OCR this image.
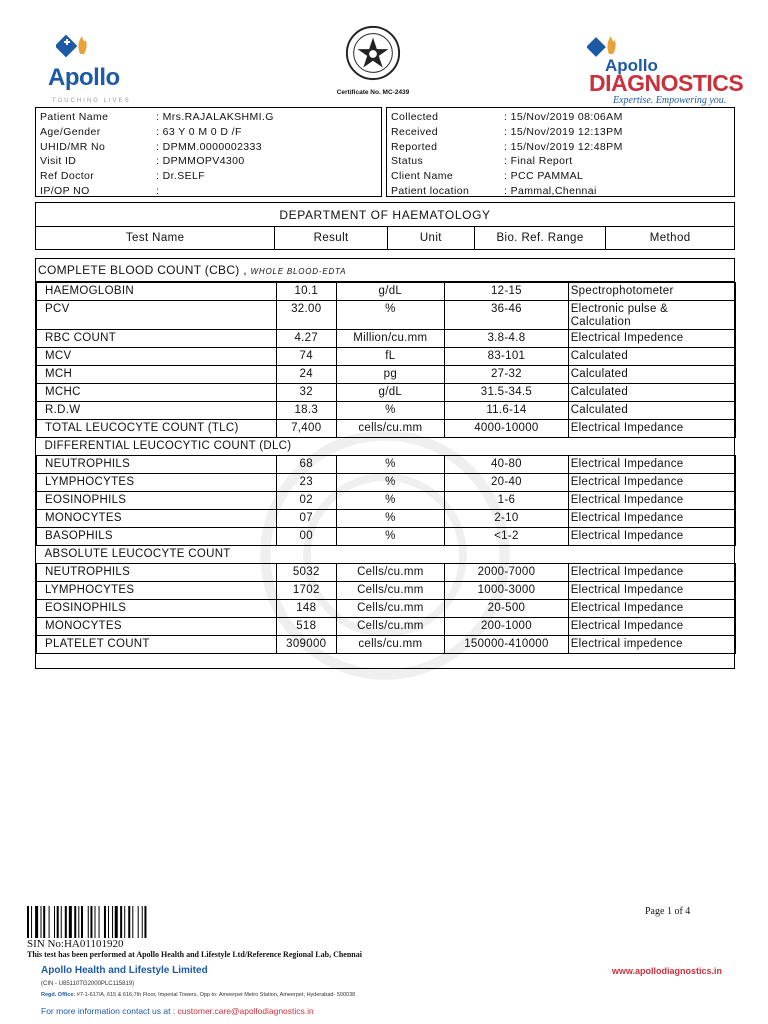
Apollo
TOUCHING LIVES
Certificate No. MC-2439
Apollo
DIAGNOSTICS
Expertise. Empowering you.
Patient Name	: Mrs.RAJALAKSHMI.G
Age/Gender	: 63 Y 0 M 0 D /F
UHID/MR No	: DPMM.0000002333
Visit ID	: DPMMOPV4300
Ref Doctor	: Dr.SELF
IP/OP NO	:
Collected	: 15/Nov/2019 08:06AM
Received	: 15/Nov/2019 12:13PM
Reported	: 15/Nov/2019 12:48PM
Status	: Final Report
Client Name	: PCC PAMMAL
Patient location	: Pammal,Chennai
DEPARTMENT OF HAEMATOLOGY
Test Name	Result	Unit	Bio. Ref. Range	Method
COMPLETE BLOOD COUNT (CBC) , WHOLE BLOOD-EDTA
HAEMOGLOBIN	10.1	g/dL	12-15	Spectrophotometer
PCV	32.00	%	36-46	Electronic pulse &
Calculation
RBC COUNT	4.27	Million/cu.mm	3.8-4.8	Electrical Impedence
MCV	74	fL	83-101	Calculated
MCH	24	pg	27-32	Calculated
MCHC	32	g/dL	31.5-34.5	Calculated
R.D.W	18.3	%	11.6-14	Calculated
TOTAL LEUCOCYTE COUNT (TLC)	7,400	cells/cu.mm	4000-10000	Electrical Impedance
DIFFERENTIAL LEUCOCYTIC COUNT (DLC)				
NEUTROPHILS	68	%	40-80	Electrical Impedance
LYMPHOCYTES	23	%	20-40	Electrical Impedance
EOSINOPHILS	02	%	1-6	Electrical Impedance
MONOCYTES	07	%	2-10	Electrical Impedance
BASOPHILS	00	%	<1-2	Electrical Impedance
ABSOLUTE LEUCOCYTE COUNT				
NEUTROPHILS	5032	Cells/cu.mm	2000-7000	Electrical Impedance
LYMPHOCYTES	1702	Cells/cu.mm	1000-3000	Electrical Impedance
EOSINOPHILS	148	Cells/cu.mm	20-500	Electrical Impedance
MONOCYTES	518	Cells/cu.mm	200-1000	Electrical Impedance
PLATELET COUNT	309000	cells/cu.mm	150000-410000	Electrical impedence
Page 1 of 4
SIN No:HA01101920
This test has been performed at Apollo Health and Lifestyle Ltd/Reference Regional Lab, Chennai
Apollo Health and Lifestyle Limited	www.apollodiagnostics.in
(CIN - U85110TG2000PLC115819)
Regd. Office: #7-1-617/A, 615 & 616,7th Floor, Imperial Towers, Opp to: Ameerpet Metro Station, Ameerpet, Hyderabad- 500038
For more information contact us at : customer.care@apollodiagnostics.in
